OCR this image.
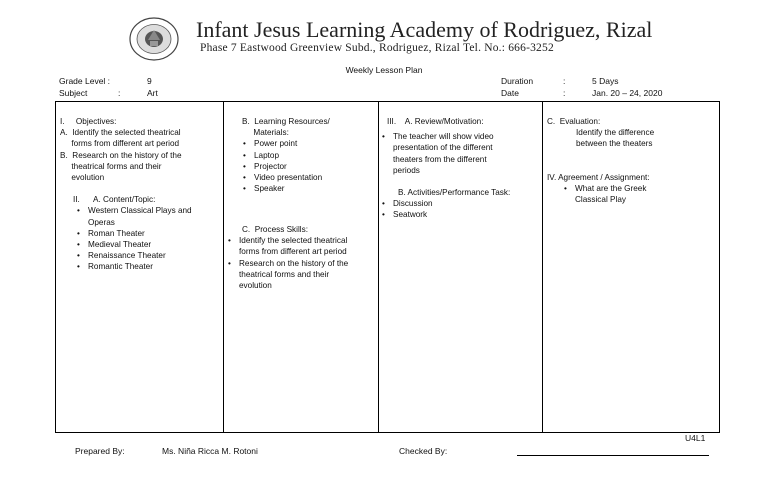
Infant Jesus Learning Academy of Rodriguez, Rizal
Phase 7 Eastwood Greenview Subd., Rodriguez, Rizal Tel. No.: 666-3252
Weekly Lesson Plan
Grade Level :	9
Subject	:	Art
Duration	:	5 Days
Date	:	Jan. 20 – 24, 2020
I.     Objectives:
A.  Identify the selected theatrical
forms from different art period
B.  Research on the history of the
theatrical forms and their
evolution
II.      A. Content/Topic:
• Western Classical Plays and
Operas
• Roman Theater
• Medieval Theater
• Renaissance Theater
• Romantic Theater
B.  Learning Resources/
Materials:
• Power point
• Laptop
• Projector
• Video presentation
• Speaker
C.  Process Skills:
• Identify the selected theatrical
forms from different art period
• Research on the history of the
theatrical forms and their
evolution
III.    A. Review/Motivation:
• The teacher will show video
presentation of the different
theaters from the different
periods
B. Activities/Performance Task:
• Discussion
• Seatwork
C.  Evaluation:
Identify the difference
between the theaters
IV. Agreement / Assignment:
• What are the Greek
Classical Play
U4L1
Prepared By:	Ms. Niña Ricca M. Rotoni	Checked By:
